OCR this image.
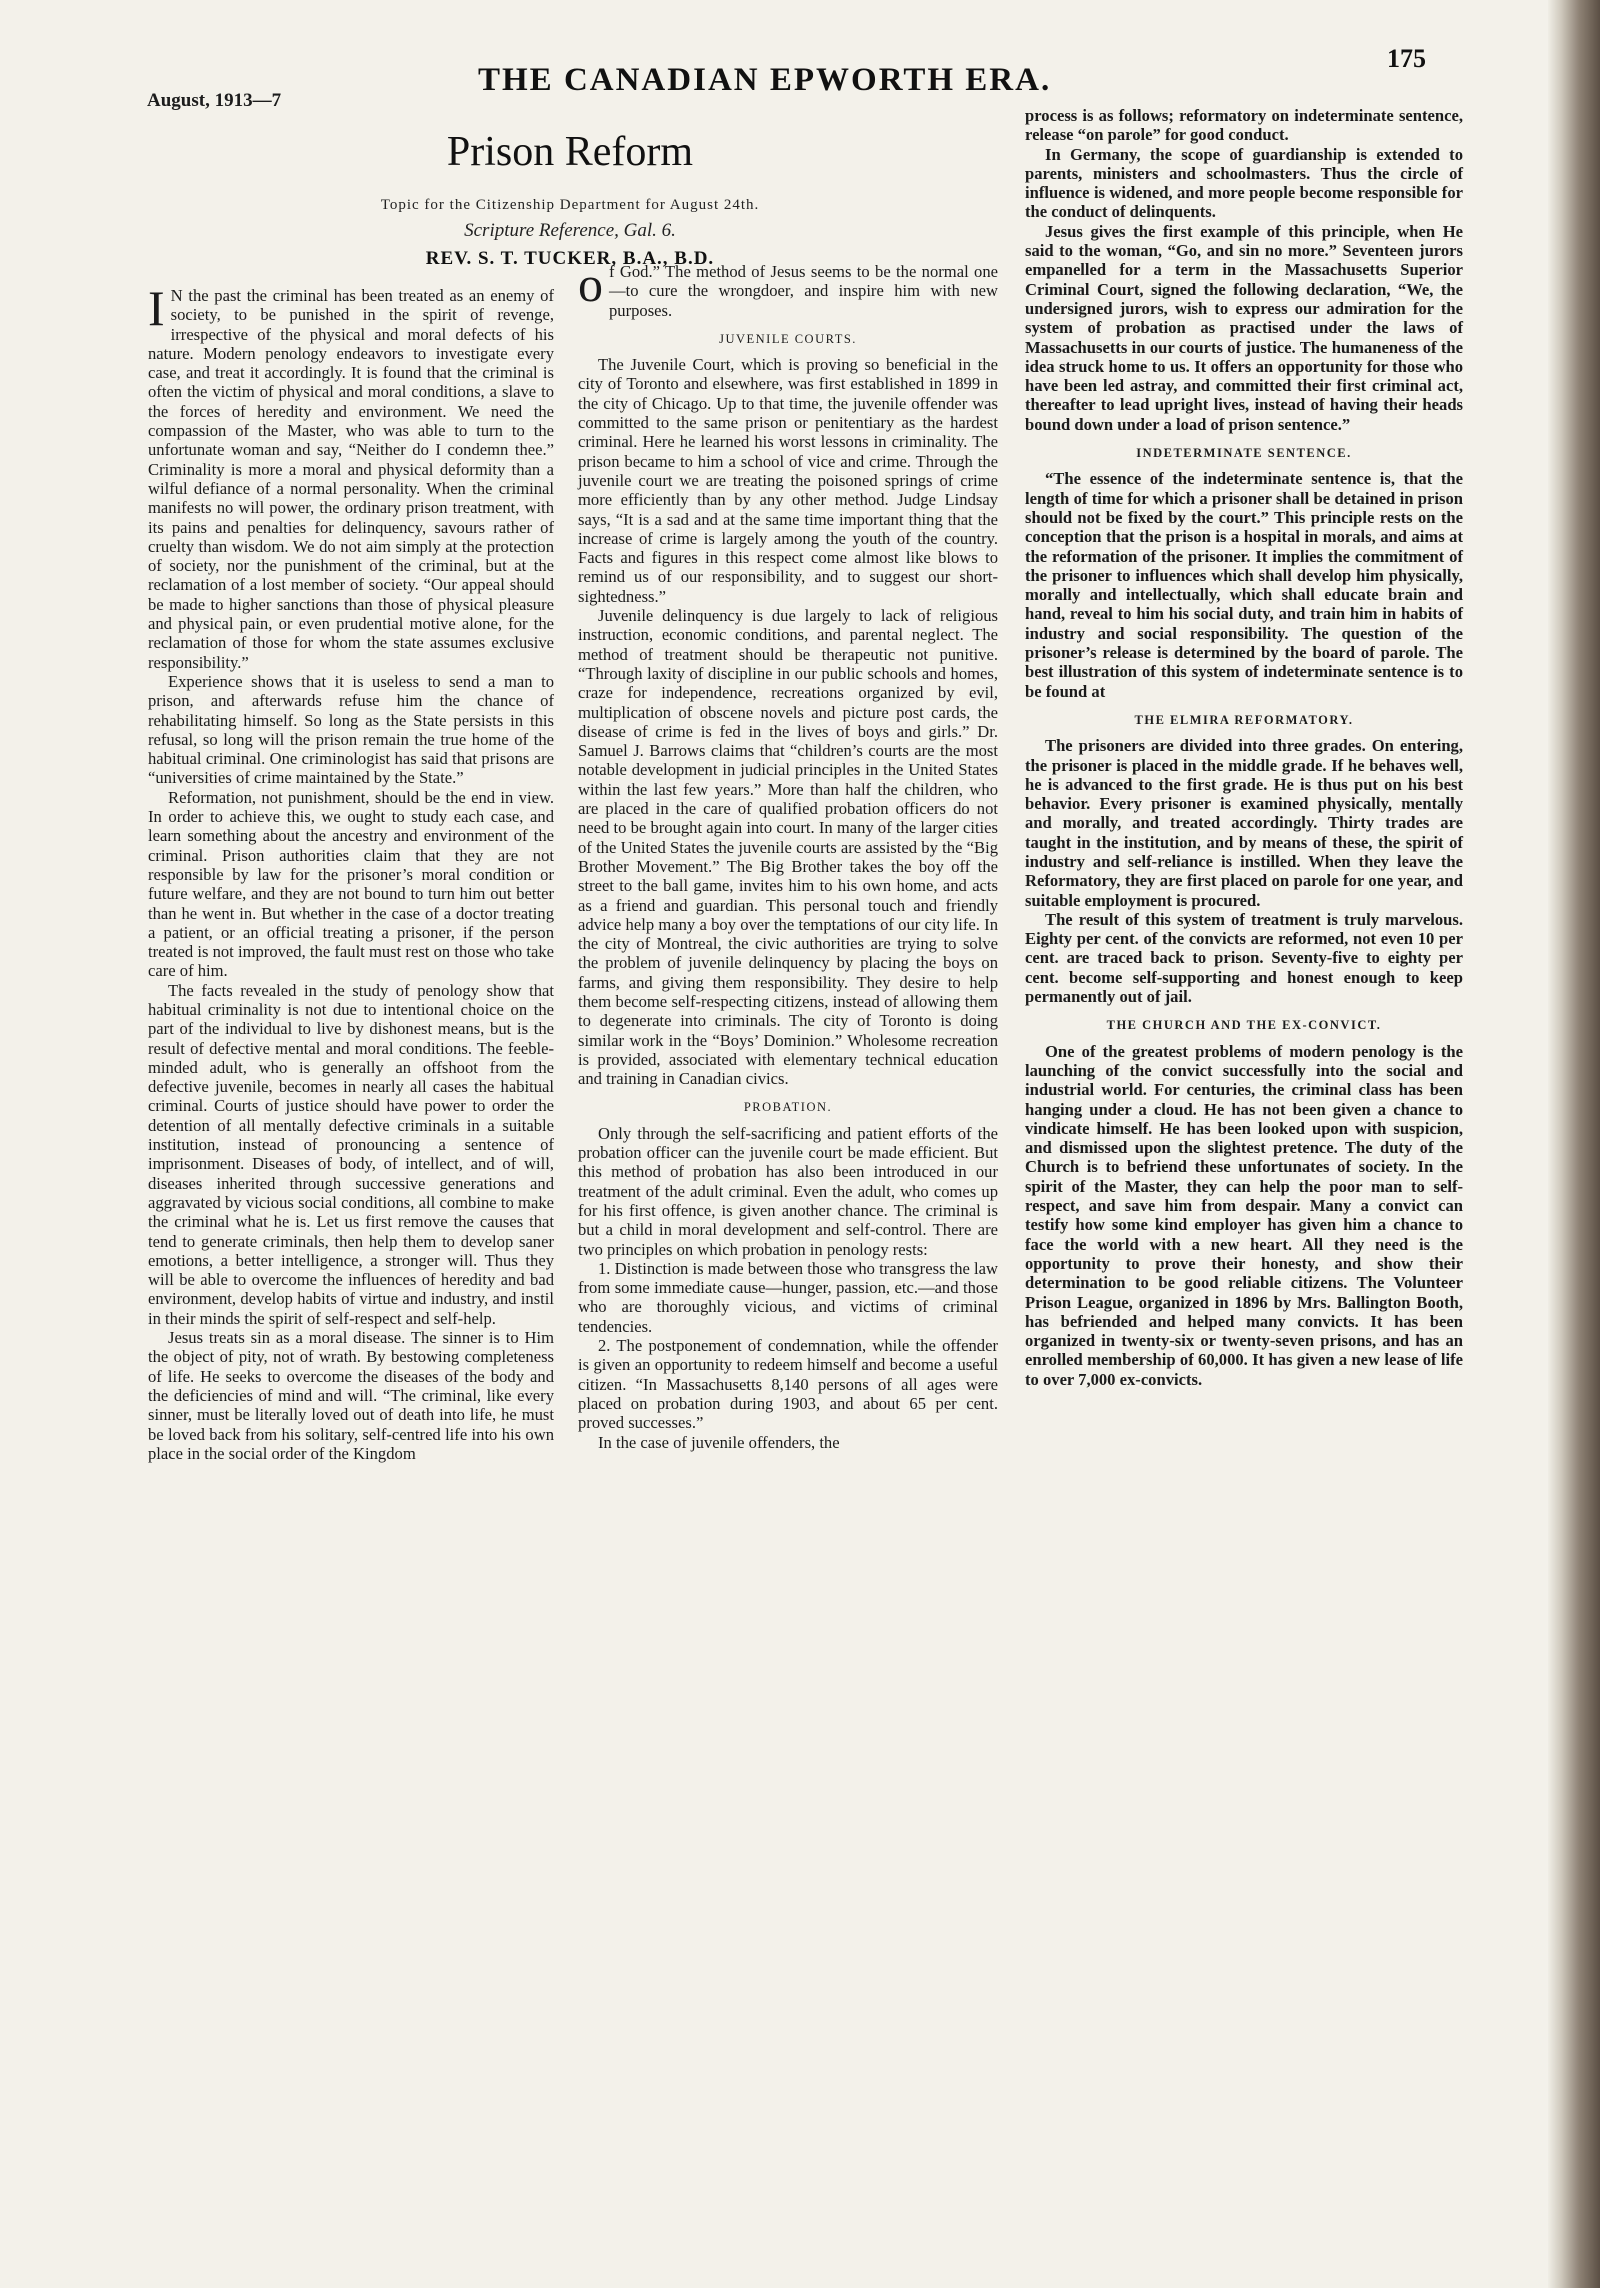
August, 1913—7
THE CANADIAN EPWORTH ERA.
175
Prison Reform
Topic for the Citizenship Department for August 24th.
Scripture Reference, Gal. 6.
REV. S. T. TUCKER, B.A., B.D.

IN the past the criminal has been treated as an enemy of society, to be punished in the spirit of revenge, irrespective of the physical and moral defects of his nature. Modern penology endeavors to investigate every case, and treat it accordingly. It is found that the criminal is often the victim of physical and moral conditions, a slave to the forces of heredity and environment. We need the compassion of the Master, who was able to turn to the unfortunate woman and say, “Neither do I condemn thee.” Criminality is more a moral and physical deformity than a wilful defiance of a normal personality. When the criminal manifests no will power, the ordinary prison treatment, with its pains and penalties for delinquency, savours rather of cruelty than wisdom. We do not aim simply at the protection of society, nor the punishment of the criminal, but at the reclamation of a lost member of society. “Our appeal should be made to higher sanctions than those of physical pleasure and physical pain, or even prudential motive alone, for the reclamation of those for whom the state assumes exclusive responsibility.”

Experience shows that it is useless to send a man to prison, and afterwards refuse him the chance of rehabilitating himself. So long as the State persists in this refusal, so long will the prison remain the true home of the habitual criminal. One criminologist has said that prisons are “universities of crime maintained by the State.”

Reformation, not punishment, should be the end in view. In order to achieve this, we ought to study each case, and learn something about the ancestry and environment of the criminal. Prison authorities claim that they are not responsible by law for the prisoner’s moral condition or future welfare, and they are not bound to turn him out better than he went in. But whether in the case of a doctor treating a patient, or an official treating a prisoner, if the person treated is not improved, the fault must rest on those who take care of him.

The facts revealed in the study of penology show that habitual criminality is not due to intentional choice on the part of the individual to live by dishonest means, but is the result of defective mental and moral conditions. The feeble-minded adult, who is generally an offshoot from the defective juvenile, becomes in nearly all cases the habitual criminal. Courts of justice should have power to order the detention of all mentally defective criminals in a suitable institution, instead of pronouncing a sentence of imprisonment. Diseases of body, of intellect, and of will, diseases inherited through successive generations and aggravated by vicious social conditions, all combine to make the criminal what he is. Let us first remove the causes that tend to generate criminals, then help them to develop saner emotions, a better intelligence, a stronger will. Thus they will be able to overcome the influences of heredity and bad environment, develop habits of virtue and industry, and instil in their minds the spirit of self-respect and self-help.

Jesus treats sin as a moral disease. The sinner is to Him the object of pity, not of wrath. By bestowing completeness of life. He seeks to overcome the diseases of the body and the deficiencies of mind and will. “The criminal, like every sinner, must be literally loved out of death into life, he must be loved back from his solitary, self-centred life into his own place in the social order of the Kingdom

of God.” The method of Jesus seems to be the normal one—to cure the wrongdoer, and inspire him with new purposes.

JUVENILE COURTS.

The Juvenile Court, which is proving so beneficial in the city of Toronto and elsewhere, was first established in 1899 in the city of Chicago. Up to that time, the juvenile offender was committed to the same prison or penitentiary as the hardest criminal. Here he learned his worst lessons in criminality. The prison became to him a school of vice and crime. Through the juvenile court we are treating the poisoned springs of crime more efficiently than by any other method. Judge Lindsay says, “It is a sad and at the same time important thing that the increase of crime is largely among the youth of the country. Facts and figures in this respect come almost like blows to remind us of our responsibility, and to suggest our short-sightedness.”

Juvenile delinquency is due largely to lack of religious instruction, economic conditions, and parental neglect. The method of treatment should be therapeutic not punitive. “Through laxity of discipline in our public schools and homes, craze for independence, recreations organized by evil, multiplication of obscene novels and picture post cards, the disease of crime is fed in the lives of boys and girls.” Dr. Samuel J. Barrows claims that “children’s courts are the most notable development in judicial principles in the United States within the last few years.” More than half the children, who are placed in the care of qualified probation officers do not need to be brought again into court. In many of the larger cities of the United States the juvenile courts are assisted by the “Big Brother Movement.” The Big Brother takes the boy off the street to the ball game, invites him to his own home, and acts as a friend and guardian. This personal touch and friendly advice help many a boy over the temptations of our city life. In the city of Montreal, the civic authorities are trying to solve the problem of juvenile delinquency by placing the boys on farms, and giving them responsibility. They desire to help them become self-respecting citizens, instead of allowing them to degenerate into criminals. The city of Toronto is doing similar work in the “Boys’ Dominion.” Wholesome recreation is provided, associated with elementary technical education and training in Canadian civics.

PROBATION.

Only through the self-sacrificing and patient efforts of the probation officer can the juvenile court be made efficient. But this method of probation has also been introduced in our treatment of the adult criminal. Even the adult, who comes up for his first offence, is given another chance. The criminal is but a child in moral development and self-control. There are two principles on which probation in penology rests:

1. Distinction is made between those who transgress the law from some immediate cause—hunger, passion, etc.—and those who are thoroughly vicious, and victims of criminal tendencies.

2. The postponement of condemnation, while the offender is given an opportunity to redeem himself and become a useful citizen. “In Massachusetts 8,140 persons of all ages were placed on probation during 1903, and about 65 per cent. proved successes.”

In the case of juvenile offenders, the

process is as follows; reformatory on indeterminate sentence, release “on parole” for good conduct.

In Germany, the scope of guardianship is extended to parents, ministers and schoolmasters. Thus the circle of influence is widened, and more people become responsible for the conduct of delinquents.

Jesus gives the first example of this principle, when He said to the woman, “Go, and sin no more.” Seventeen jurors empanelled for a term in the Massachusetts Superior Criminal Court, signed the following declaration, “We, the undersigned jurors, wish to express our admiration for the system of probation as practised under the laws of Massachusetts in our courts of justice. The humaneness of the idea struck home to us. It offers an opportunity for those who have been led astray, and committed their first criminal act, thereafter to lead upright lives, instead of having their heads bound down under a load of prison sentence.”

INDETERMINATE SENTENCE.

“The essence of the indeterminate sentence is, that the length of time for which a prisoner shall be detained in prison should not be fixed by the court.” This principle rests on the conception that the prison is a hospital in morals, and aims at the reformation of the prisoner. It implies the commitment of the prisoner to influences which shall develop him physically, morally and intellectually, which shall educate brain and hand, reveal to him his social duty, and train him in habits of industry and social responsibility. The question of the prisoner’s release is determined by the board of parole. The best illustration of this system of indeterminate sentence is to be found at

THE ELMIRA REFORMATORY.

The prisoners are divided into three grades. On entering, the prisoner is placed in the middle grade. If he behaves well, he is advanced to the first grade. He is thus put on his best behavior. Every prisoner is examined physically, mentally and morally, and treated accordingly. Thirty trades are taught in the institution, and by means of these, the spirit of industry and self-reliance is instilled. When they leave the Reformatory, they are first placed on parole for one year, and suitable employment is procured.

The result of this system of treatment is truly marvelous. Eighty per cent. of the convicts are reformed, not even 10 per cent. are traced back to prison. Seventy-five to eighty per cent. become self-supporting and honest enough to keep permanently out of jail.

THE CHURCH AND THE EX-CONVICT.

One of the greatest problems of modern penology is the launching of the convict successfully into the social and industrial world. For centuries, the criminal class has been hanging under a cloud. He has not been given a chance to vindicate himself. He has been looked upon with suspicion, and dismissed upon the slightest pretence. The duty of the Church is to befriend these unfortunates of society. In the spirit of the Master, they can help the poor man to self-respect, and save him from despair. Many a convict can testify how some kind employer has given him a chance to face the world with a new heart. All they need is the opportunity to prove their honesty, and show their determination to be good reliable citizens. The Volunteer Prison League, organized in 1896 by Mrs. Ballington Booth, has befriended and helped many convicts. It has been organized in twenty-six or twenty-seven prisons, and has an enrolled membership of 60,000. It has given a new lease of life to over 7,000 ex-convicts.
